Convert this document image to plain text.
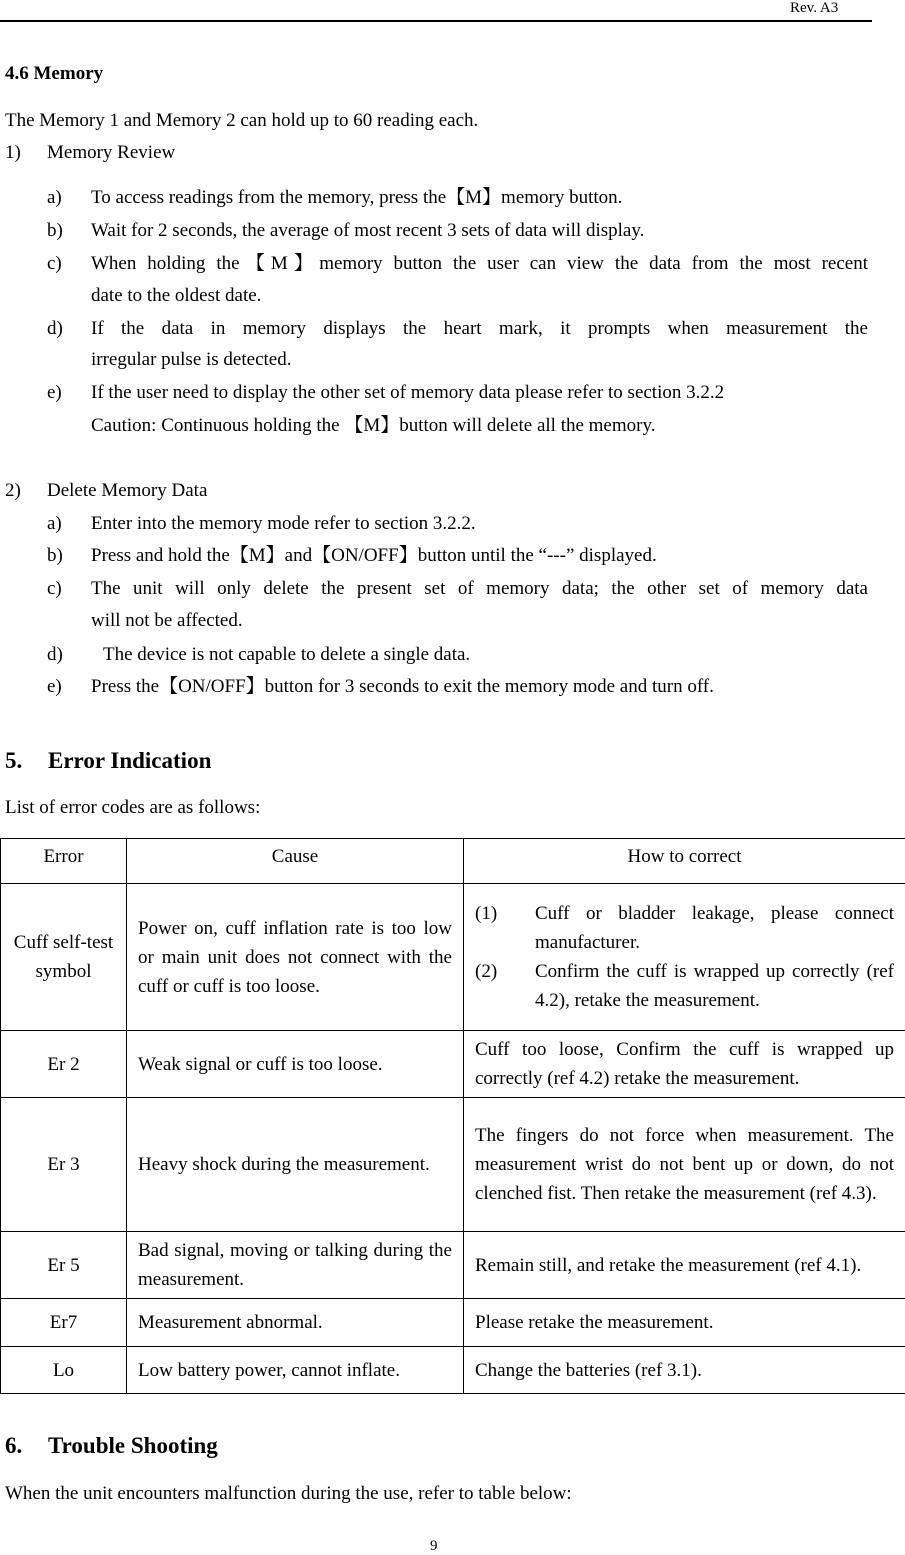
Rev. A3
4.6 Memory
The Memory 1 and Memory 2 can hold up to 60 reading each.
1) Memory Review
a)	To access readings from the memory, press the【M】memory button.
b)	Wait for 2 seconds, the average of most recent 3 sets of data will display.
c)	When holding the【M】memory button the user can view the data from the most recent
date to the oldest date.
d)	If the data in memory displays the heart mark, it prompts when measurement the
irregular pulse is detected.
e)	If the user need to display the other set of memory data please refer to section 3.2.2
Caution: Continuous holding the 【M】button will delete all the memory.
2) Delete Memory Data
a)	Enter into the memory mode refer to section 3.2.2.
b)	Press and hold the【M】and【ON/OFF】button until the “---” displayed.
c)	The unit will only delete the present set of memory data; the other set of memory data
will not be affected.
d)	The device is not capable to delete a single data.
e)	Press the【ON/OFF】button for 3 seconds to exit the memory mode and turn off.
5. Error Indication
List of error codes are as follows:
Error	Cause	How to correct
Cuff self-test symbol	Power on, cuff inflation rate is too low or main unit does not connect with the cuff or cuff is too loose.	(1) Cuff or bladder leakage, please connect manufacturer.
(2) Confirm the cuff is wrapped up correctly (ref 4.2), retake the measurement.

Er 2	Weak signal or cuff is too loose.	Cuff too loose, Confirm the cuff is wrapped up correctly (ref 4.2) retake the measurement.
Er 3	Heavy shock during the measurement.	The fingers do not force when measurement. The measurement wrist do not bent up or down, do not clenched fist. Then retake the measurement (ref 4.3).
Er 5	Bad signal, moving or talking during the measurement.	Remain still, and retake the measurement (ref 4.1).
Er7	Measurement abnormal.	Please retake the measurement.
Lo	Low battery power, cannot inflate.	Change the batteries (ref 3.1).
6. Trouble Shooting
When the unit encounters malfunction during the use, refer to table below:
9
